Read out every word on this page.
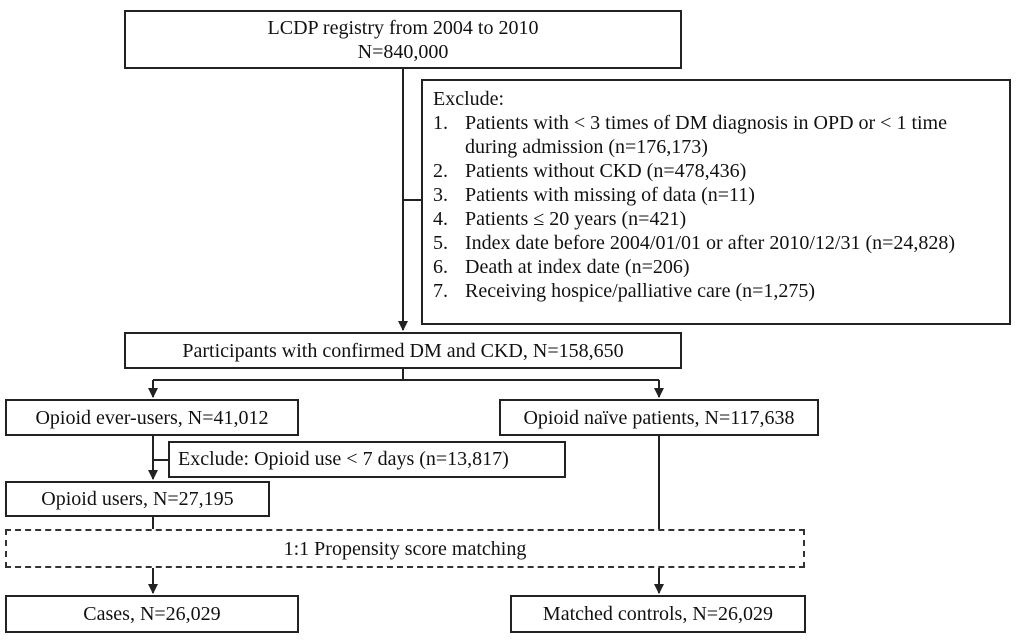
LCDP registry from 2004 to 2010
N=840,000
Exclude:
1. Patients with < 3 times of DM diagnosis in OPD or < 1 time during admission (n=176,173)
2. Patients without CKD (n=478,436)
3. Patients with missing of data (n=11)
4. Patients ≤ 20 years (n=421)
5. Index date before 2004/01/01 or after 2010/12/31 (n=24,828)
6. Death at index date (n=206)
7. Receiving hospice/palliative care (n=1,275)
Participants with confirmed DM and CKD, N=158,650
Opioid ever-users, N=41,012	Opioid naïve patients, N=117,638
Exclude: Opioid use < 7 days (n=13,817)
Opioid users, N=27,195
1:1 Propensity score matching
Cases, N=26,029	Matched controls, N=26,029
